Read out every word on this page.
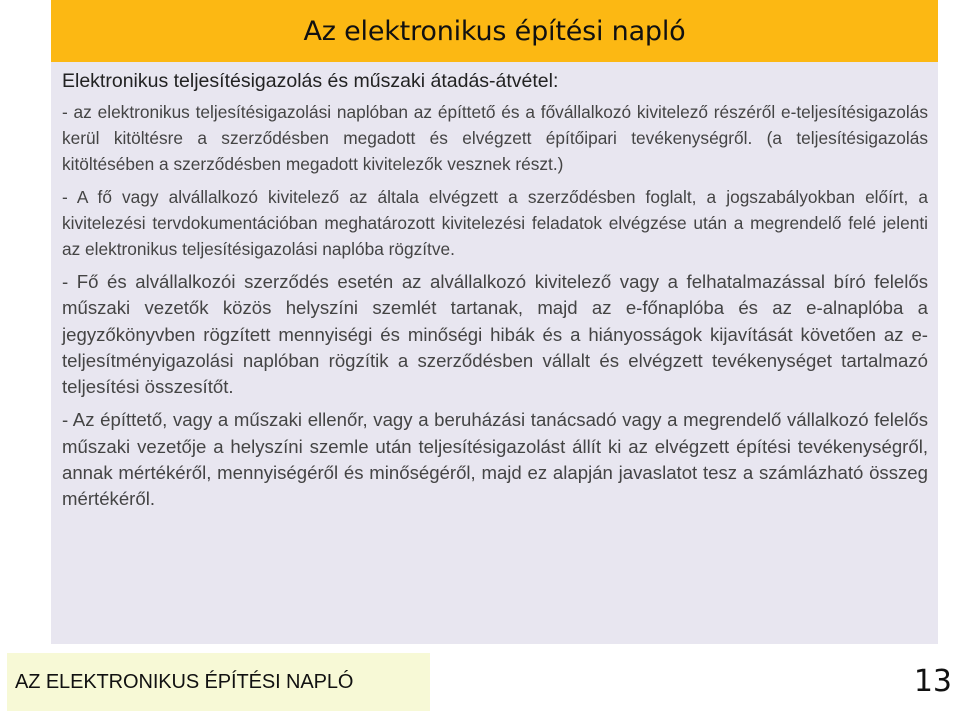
Az elektronikus építési napló

Elektronikus teljesítésigazolás és műszaki átadás-átvétel:

- az elektronikus teljesítésigazolási naplóban az építtető és a fővállalkozó kivitelező részéről e-teljesítésigazolás kerül kitöltésre a szerződésben megadott és elvégzett építőipari tevékenységről. (a teljesítésigazolás kitöltésében a szerződésben megadott kivitelezők vesznek részt.)

- A fő vagy alvállalkozó kivitelező az általa elvégzett a szerződésben foglalt, a jogszabályokban előírt, a kivitelezési tervdokumentációban meghatározott kivitelezési feladatok elvégzése után a megrendelő felé jelenti az elektronikus teljesítésigazolási naplóba rögzítve.

- Fő és alvállalkozói szerződés esetén az alvállalkozó kivitelező vagy a felhatalmazással bíró felelős műszaki vezetők közös helyszíni szemlét tartanak, majd az e-főnaplóba és az e-alnaplóba a jegyzőkönyvben rögzített mennyiségi és minőségi hibák és a hiányosságok kijavítását követően az e-teljesítményigazolási naplóban rögzítik a szerződésben vállalt és elvégzett tevékenységet tartalmazó teljesítési összesítőt.

- Az építtető, vagy a műszaki ellenőr, vagy a beruházási tanácsadó vagy a megrendelő vállalkozó felelős műszaki vezetője a helyszíni szemle után teljesítésigazolást állít ki az elvégzett építési tevékenységről, annak mértékéről, mennyiségéről és minőségéről, majd ez alapján javaslatot tesz a számlázható összeg mértékéről.

AZ ELEKTRONIKUS ÉPÍTÉSI NAPLÓ	13
